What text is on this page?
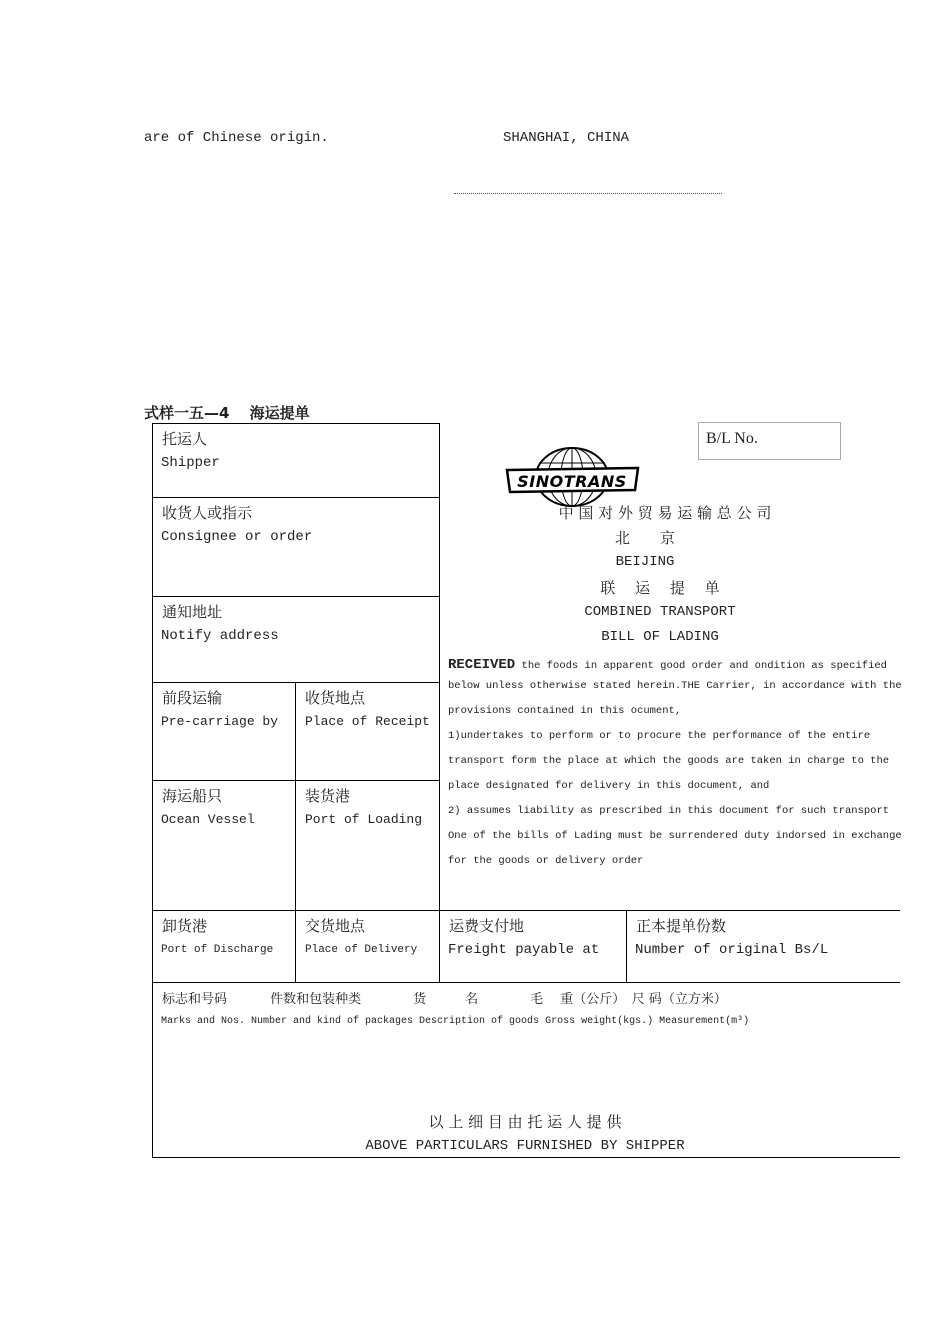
are of Chinese origin.	SHANGHAI, CHINA
式样一五—4　 海运提单
B/L No.
SINOTRANS
中 国 对 外 贸 易 运 输 总 公 司
北　　京
BEIJING
联　 运　 提　 单
COMBINED TRANSPORT
BILL OF LADING
RECEIVED the foods in apparent good order and ondition as specified
below unless otherwise stated herein.THE Carrier, in accordance with the
provisions contained in this ocument,
1)undertakes to perform or to procure the performance of the entire
transport form the place at which the goods are taken in charge to the
place designated for delivery in this document, and
2) assumes liability as prescribed in this document for such transport
One of the bills of Lading must be surrendered duty indorsed in exchange
for the goods or delivery order
托运人
Shipper
收货人或指示
Consignee or order
通知地址
Notify address
前段运输
Pre-carriage by
收货地点
Place of Receipt
海运船只
Ocean Vessel
装货港
Port of Loading
卸货港
Port of Discharge
交货地点
Place of Delivery
运费支付地
Freight payable at
正本提单份数
Number of original Bs/L
标志和号码　　　 件数和包装种类　　　　货　　　名　　　　毛　 重（公斤）　尺 码（立方米）
Marks and Nos. Number and kind of packages Description of goods Gross weight(kgs.) Measurement(m³)
以 上 细 目 由 托 运 人 提 供
ABOVE PARTICULARS FURNISHED BY SHIPPER
